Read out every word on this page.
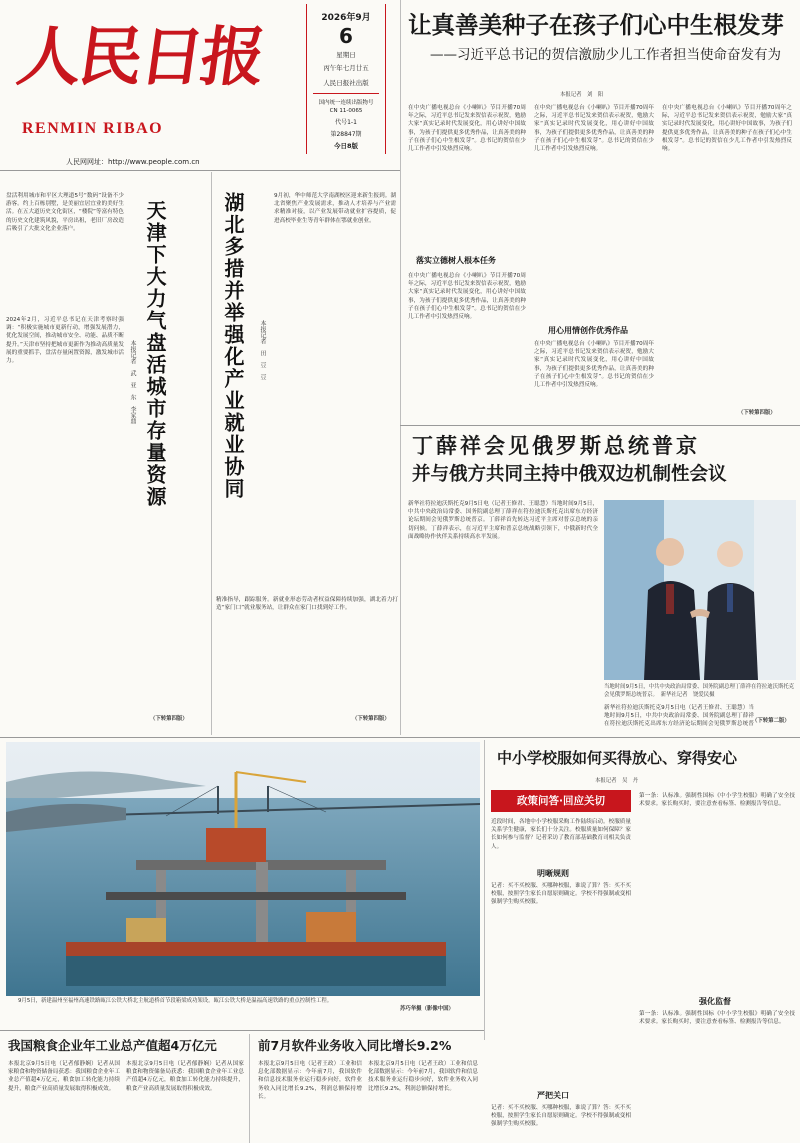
人民日报
RENMIN RIBAO
人民网网址：http://www.people.com.cn
2026年9月
6
星期日
丙午年七月廿五
人民日报社出版
国内统一连续出版物号
CN 11-0065
代号1-1
第28847期
今日8版
让真善美种子在孩子们心中生根发芽
——习近平总书记的贺信激励少儿工作者担当使命奋发有为
本报记者　刘　阳
在中央广播电视总台《小喇叭》节目开播70周年之际，习近平总书记发来贺信表示祝贺，勉励大家“真实记录时代发展变化，用心讲好中国故事，为孩子们提供更多优秀作品，让真善美的种子在孩子们心中生根发芽”。总书记的贺信在少儿工作者中引发热烈反响。
在中央广播电视总台《小喇叭》节目开播70周年之际，习近平总书记发来贺信表示祝贺，勉励大家“真实记录时代发展变化，用心讲好中国故事，为孩子们提供更多优秀作品，让真善美的种子在孩子们心中生根发芽”。总书记的贺信在少儿工作者中引发热烈反响。
落实立德树人根本任务
在中央广播电视总台《小喇叭》节目开播70周年之际，习近平总书记发来贺信表示祝贺，勉励大家“真实记录时代发展变化，用心讲好中国故事，为孩子们提供更多优秀作品，让真善美的种子在孩子们心中生根发芽”。总书记的贺信在少儿工作者中引发热烈反响。
用心用情创作优秀作品
在中央广播电视总台《小喇叭》节目开播70周年之际，习近平总书记发来贺信表示祝贺，勉励大家“真实记录时代发展变化，用心讲好中国故事，为孩子们提供更多优秀作品，让真善美的种子在孩子们心中生根发芽”。总书记的贺信在少儿工作者中引发热烈反响。
在中央广播电视总台《小喇叭》节目开播70周年之际，习近平总书记发来贺信表示祝贺，勉励大家“真实记录时代发展变化，用心讲好中国故事，为孩子们提供更多优秀作品，让真善美的种子在孩子们心中生根发芽”。总书记的贺信在少儿工作者中引发热烈反响。
（下转第四版）
盘活利用城市和平区大理道5号“数码”设备不少游客。约上百栋别墅，是美丽宜居宜业的美好生活。在五大道历史文化街区，“楼院”等富有特色的历史文化建筑风貌，平房出租，老旧厂房改造后吸引了大批文化企业落户。
2024年2月，习近平总书记在天津考察时强调：“积极实施城市更新行动，增强发展潜力，优化发展空间，推动城市安全、功能、品质不断提升。”天津市坚持把城市更新作为推动高质量发展的重要抓手，盘活存量闲置资源，激发城市活力。	天津下大力气盘活城市存量资源
本报记者　武　亚　东　李家鼎
（下转第四版）
湖北多措并举强化产业就业协同 本报记者　田　豆　豆
9月初，华中师范大学南湖校区迎来新生报到。湖北省聚焦产业发展需求，推动人才培养与产业需求精准对接，以产业发展带动就业扩容提质，促进高校毕业生等青年群体在鄂就业创业。
精准指导，跟踪服务。新就业形态劳动者权益保障持续加强，湖北着力打造“家门口”就业服务站，让群众在家门口找到好工作。
（下转第四版）
丁薛祥会见俄罗斯总统普京
并与俄方共同主持中俄双边机制性会议
新华社符拉迪沃斯托克9月5日电（记者王修君、王聪慧）当地时间9月5日，中共中央政治局常委、国务院副总理丁薛祥在符拉迪沃斯托克出席东方经济论坛期间会见俄罗斯总统普京。丁薛祥首先转达习近平主席对普京总统的亲切问候。丁薛祥表示，在习近平主席和普京总统战略引领下，中俄新时代全面战略协作伙伴关系持续高水平发展。
当地时间9月5日，中共中央政治局常委、国务院副总理丁薛祥在符拉迪沃斯托克会见俄罗斯总统普京。　新华社记者　饶爱民摄
新华社符拉迪沃斯托克9月5日电（记者王修君、王聪慧）当地时间9月5日，中共中央政治局常委、国务院副总理丁薛祥在符拉迪沃斯托克出席东方经济论坛期间会见俄罗斯总统普
（下转第二版）
9月5日，新建温州至福州高速铁路瓯江公铁大桥北主航道桥首节段箱梁成功架设。瓯江公铁大桥是温福高速铁路的重点控制性工程。
苏巧华摄（影像中国）
中小学校服如何买得放心、穿得安心
本报记者　吴　丹
政策问答·回应关切
近段时间，各地中小学校服采购工作陆续启动。校服质量关系学生健康，家长们十分关注。校服质量如何保障？家长如何参与监督？记者采访了教育部基础教育司相关负责人。
明晰规则
记者：买不买校服、买哪种校服，谁说了算？答：买不买校服，按照学生家长自愿原则确定。学校不得强制或变相强制学生购买校服。
严把关口
记者：买不买校服、买哪种校服，谁说了算？答：买不买校服，按照学生家长自愿原则确定。学校不得强制或变相强制学生购买校服。
第一条：认标准。强制性国标《中小学生校服》明确了安全技术要求。家长购买时，要注意查看标签、检测报告等信息。
强化监督
第一条：认标准。强制性国标《中小学生校服》明确了安全技术要求。家长购买时，要注意查看标签、检测报告等信息。
我国粮食企业年工业总产值超4万亿元
本报北京9月5日电（记者郁静娴）记者从国家粮食和物资储备局获悉：我国粮食企业年工业总产值超4万亿元，粮食加工转化能力持续提升，粮食产业高质量发展取得积极成效。
本报北京9月5日电（记者郁静娴）记者从国家粮食和物资储备局获悉：我国粮食企业年工业总产值超4万亿元，粮食加工转化能力持续提升，粮食产业高质量发展取得积极成效。
前7月软件业务收入同比增长9.2%
本报北京9月5日电（记者王政）工业和信息化部数据显示：今年前7月，我国软件和信息技术服务业运行稳步向好，软件业务收入同比增长9.2%，利润总额保持增长。
本报北京9月5日电（记者王政）工业和信息化部数据显示：今年前7月，我国软件和信息技术服务业运行稳步向好，软件业务收入同比增长9.2%，利润总额保持增长。
